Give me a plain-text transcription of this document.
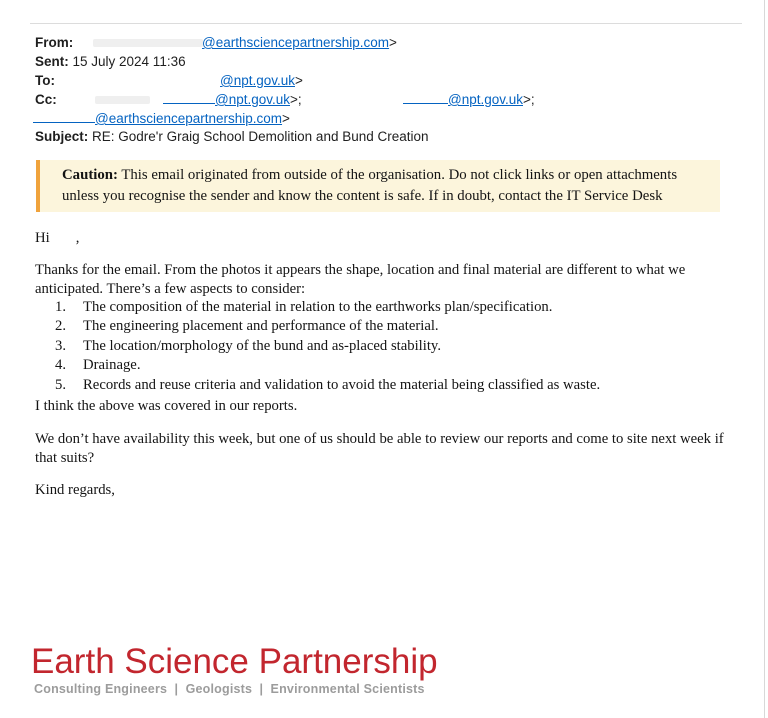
From:	@earthsciencepartnership.com>
Sent: 15 July 2024 11:36
To:	@npt.gov.uk>
Cc:	@npt.gov.uk>;	@npt.gov.uk>;
@earthsciencepartnership.com>
Subject: RE: Godre'r Graig School Demolition and Bund Creation
Caution: This email originated from outside of the organisation. Do not click links or open attachments
unless you recognise the sender and know the content is safe. If in doubt, contact the IT Service Desk
Hi ,
Thanks for the email. From the photos it appears the shape, location and final material are different to what we
anticipated. There’s a few aspects to consider:
1. The composition of the material in relation to the earthworks plan/specification.
2. The engineering placement and performance of the material.
3. The location/morphology of the bund and as-placed stability.
4. Drainage.
5. Records and reuse criteria and validation to avoid the material being classified as waste.
I think the above was covered in our reports.
We don’t have availability this week, but one of us should be able to review our reports and come to site next week if
that suits?
Kind regards,
Earth Science Partnership
Consulting Engineers  |  Geologists  |  Environmental Scientists
